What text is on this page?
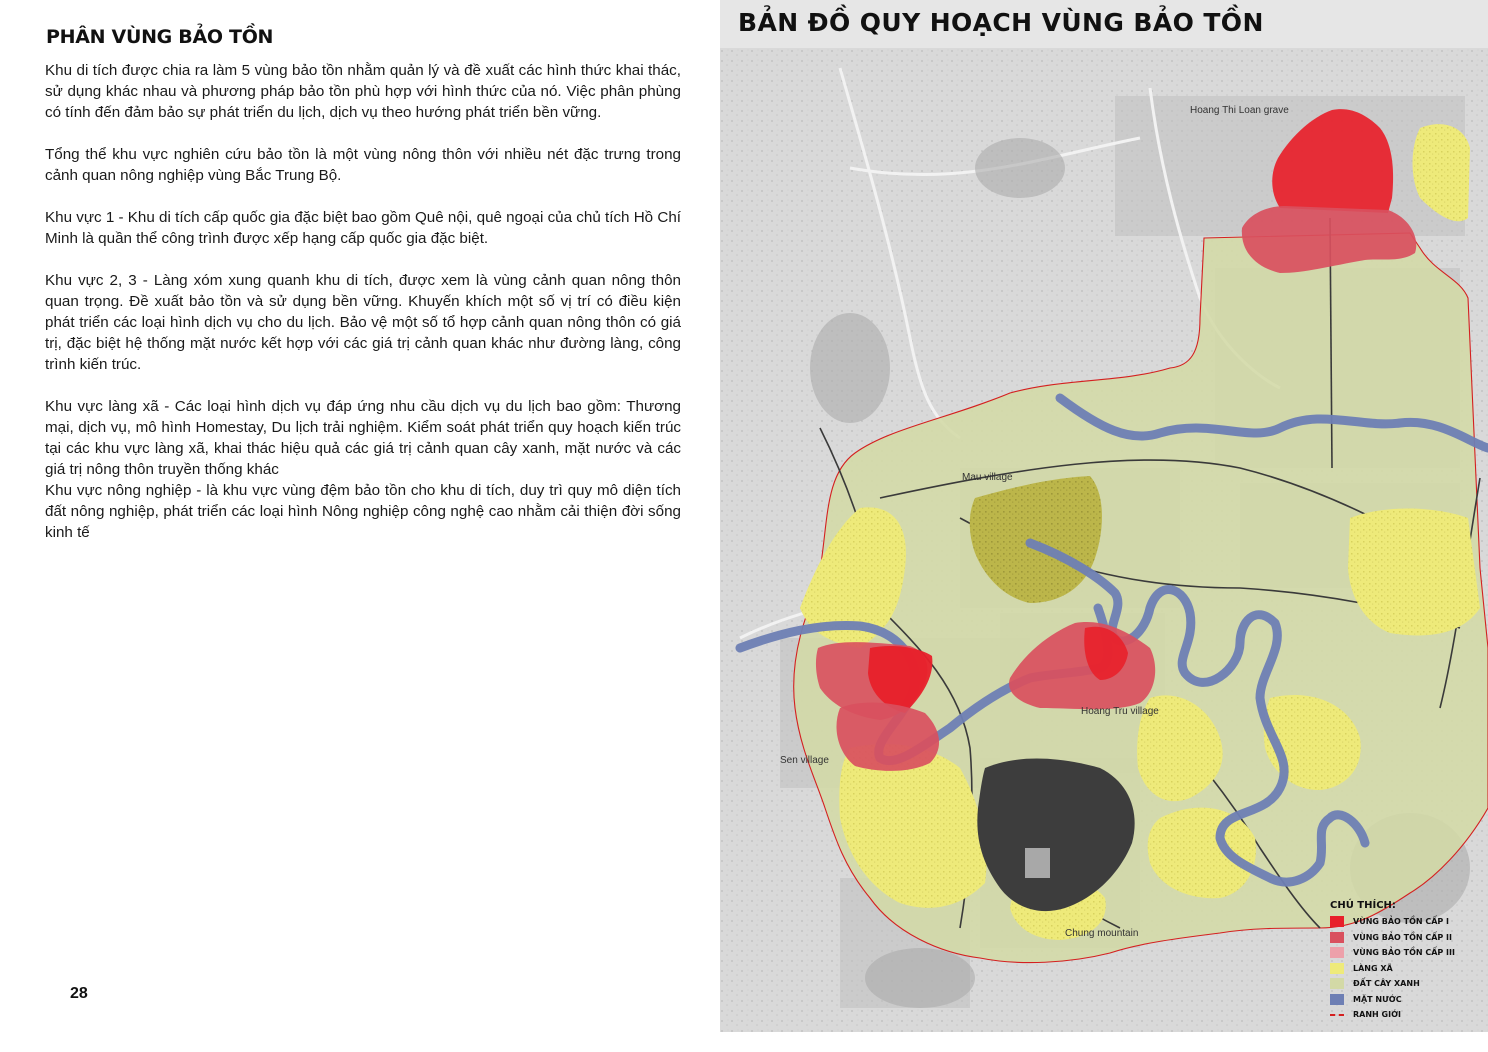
PHÂN VÙNG BẢO TỒN

Khu di tích được chia ra làm 5 vùng bảo tồn nhằm quản lý và đề xuất các hình thức khai thác, sử dụng khác nhau và phương pháp bảo tồn phù hợp với hình thức của nó. Việc phân phùng có tính đến đảm bảo sự phát triển du lịch, dịch vụ theo hướng phát triển bền vững.

Tổng thể khu vực nghiên cứu bảo tồn là một vùng nông thôn với nhiều nét đặc trưng trong cảnh quan nông nghiệp vùng Bắc Trung Bộ.

Khu vực 1 - Khu di tích cấp quốc gia đặc biệt bao gồm Quê nội, quê ngoại của chủ tích Hồ Chí Minh là quần thể công trình được xếp hạng cấp quốc gia đặc biệt.

Khu vực 2, 3 - Làng xóm xung quanh khu di tích, được xem là vùng cảnh quan nông thôn quan trọng. Đề xuất bảo tồn và sử dụng bền vững. Khuyến khích một số vị trí có điều kiện phát triển các loại hình dịch vụ cho du lịch. Bảo vệ một số tổ hợp cảnh quan nông thôn có giá trị, đặc biệt hệ thống mặt nước kết hợp với các giá trị cảnh quan khác như đường làng, công trình kiến trúc.

Khu vực làng xã - Các loại hình dịch vụ đáp ứng nhu cầu dịch vụ du lịch bao gồm: Thương mại, dịch vụ, mô hình Homestay, Du lịch trải nghiệm. Kiểm soát phát triển quy hoạch kiến trúc tại các khu vực làng xã, khai thác hiệu quả các giá trị cảnh quan cây xanh, mặt nước và các giá trị nông thôn truyền thống khác

Khu vực nông nghiệp - là khu vực vùng đệm bảo tồn cho khu di tích, duy trì quy mô diện tích đất nông nghiệp, phát triển các loại hình Nông nghiệp công nghệ cao nhằm cải thiện đời sống kinh tế

28
BẢN ĐỒ QUY HOẠCH VÙNG BẢO TỒN
Hoang Thi Loan grave
Mau village
Hoang Tru village
Sen village
Chung mountain
CHÚ THÍCH:
VÙNG BẢO TỒN CẤP I
VÙNG BẢO TỒN CẤP II
VÙNG BẢO TỒN CẤP III
LÀNG XÃ
ĐẤT CÂY XANH
MẶT NƯỚC
RANH GIỚI
